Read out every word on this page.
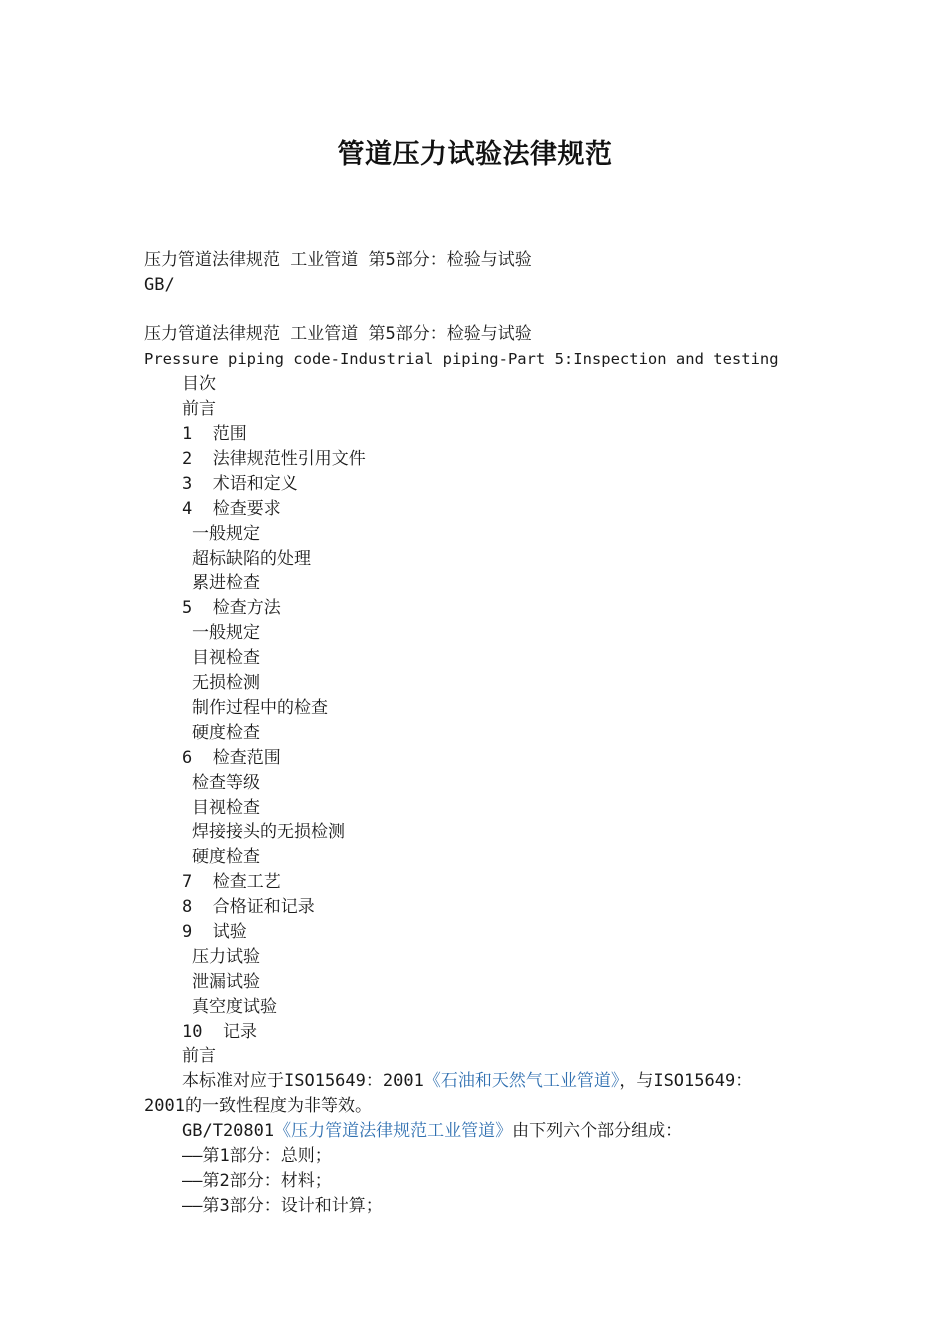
管道压力试验法律规范
压力管道法律规范 工业管道 第5部分：检验与试验
GB/
压力管道法律规范 工业管道 第5部分：检验与试验
Pressure piping code-Industrial piping-Part 5:Inspection and testing
目次
前言
1  范围
2  法律规范性引用文件
3  术语和定义
4  检查要求
一般规定
超标缺陷的处理
累进检查
5  检查方法
一般规定
目视检查
无损检测
制作过程中的检查
硬度检查
6  检查范围
检查等级
目视检查
焊接接头的无损检测
硬度检查
7  检查工艺
8  合格证和记录
9  试验
压力试验
泄漏试验
真空度试验
10  记录
前言
本标准对应于ISO15649：2001《石油和天然气工业管道》，与ISO15649：
2001的一致性程度为非等效。
GB/T20801《压力管道法律规范工业管道》由下列六个部分组成：
——第1部分：总则；
——第2部分：材料；
——第3部分：设计和计算；
